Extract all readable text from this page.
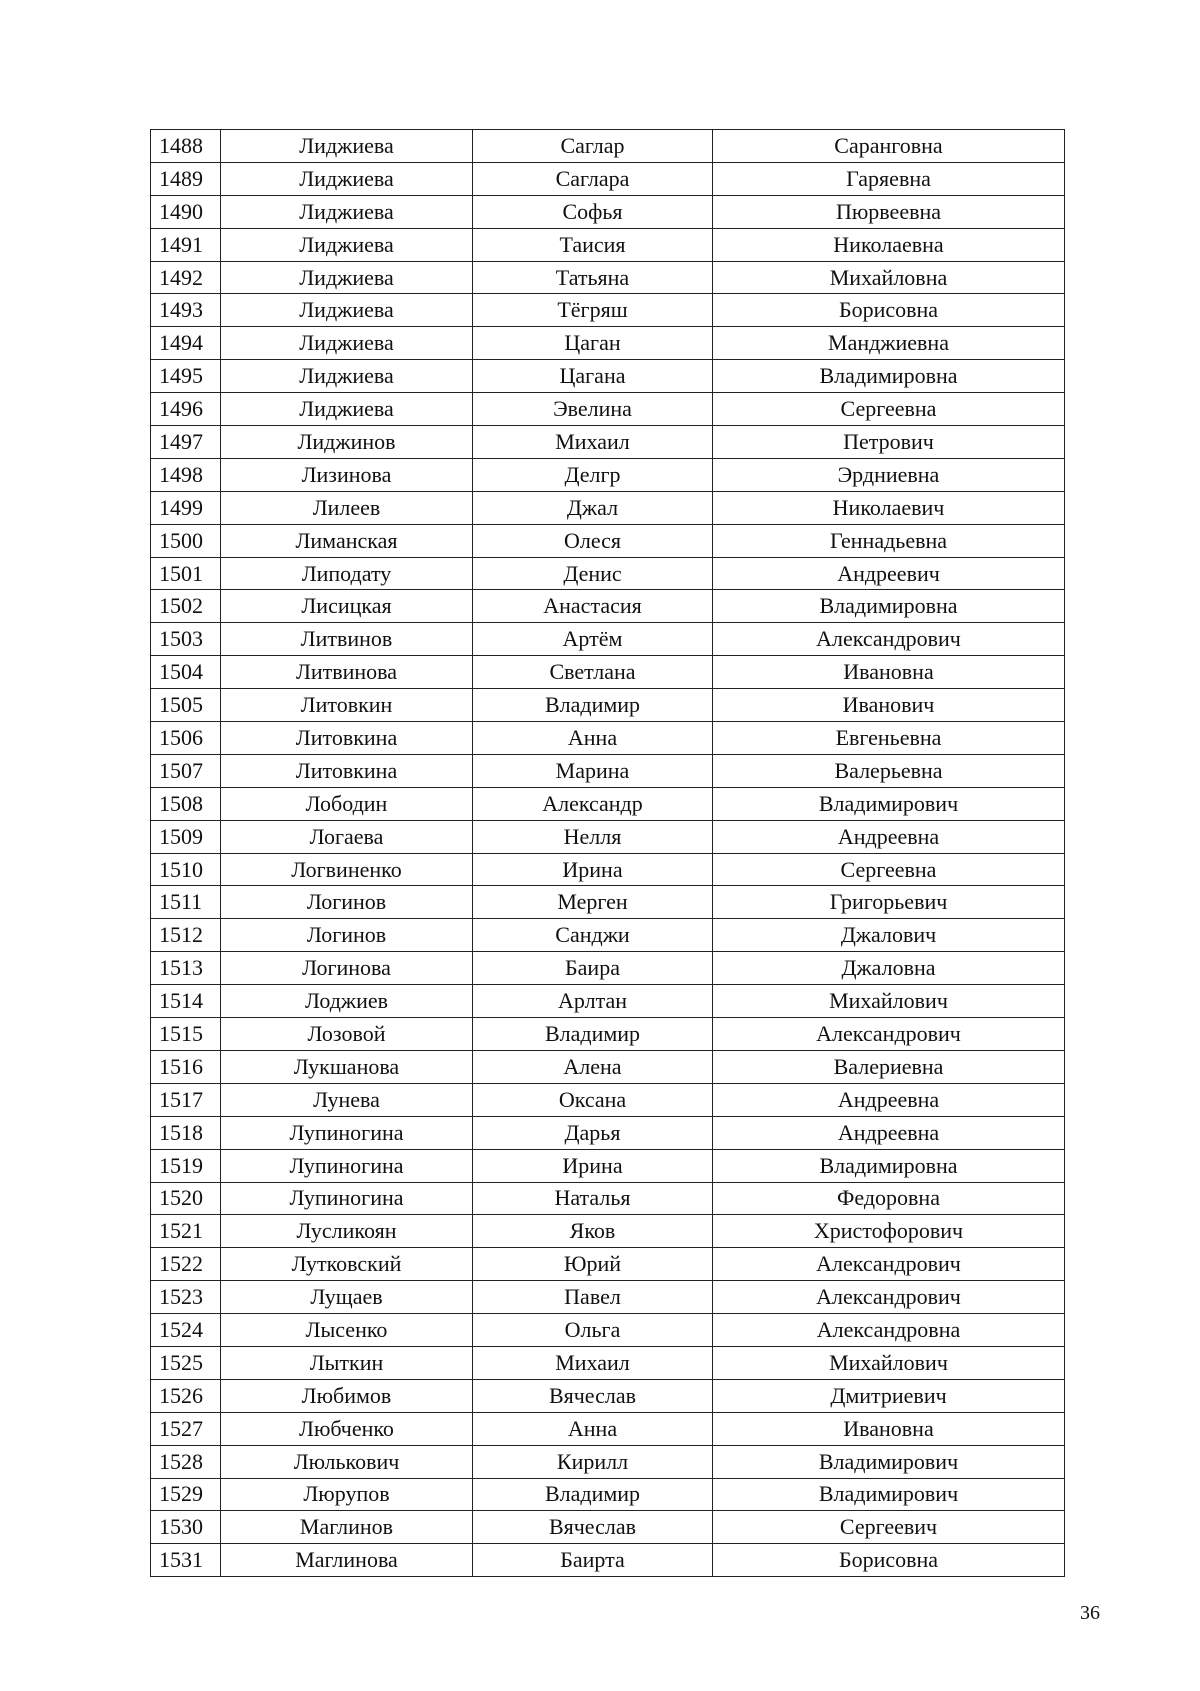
1488	Лиджиева	Саглар	Саранговна
1489	Лиджиева	Саглара	Гаряевна
1490	Лиджиева	Софья	Пюрвеевна
1491	Лиджиева	Таисия	Николаевна
1492	Лиджиева	Татьяна	Михайловна
1493	Лиджиева	Тёгряш	Борисовна
1494	Лиджиева	Цаган	Манджиевна
1495	Лиджиева	Цагана	Владимировна
1496	Лиджиева	Эвелина	Сергеевна
1497	Лиджинов	Михаил	Петрович
1498	Лизинова	Делгр	Эрдниевна
1499	Лилеев	Джал	Николаевич
1500	Лиманская	Олеся	Геннадьевна
1501	Липодату	Денис	Андреевич
1502	Лисицкая	Анастасия	Владимировна
1503	Литвинов	Артём	Александрович
1504	Литвинова	Светлана	Ивановна
1505	Литовкин	Владимир	Иванович
1506	Литовкина	Анна	Евгеньевна
1507	Литовкина	Марина	Валерьевна
1508	Лободин	Александр	Владимирович
1509	Логаева	Нелля	Андреевна
1510	Логвиненко	Ирина	Сергеевна
1511	Логинов	Мерген	Григорьевич
1512	Логинов	Санджи	Джалович
1513	Логинова	Баира	Джаловна
1514	Лоджиев	Арлтан	Михайлович
1515	Лозовой	Владимир	Александрович
1516	Лукшанова	Алена	Валериевна
1517	Лунева	Оксана	Андреевна
1518	Лупиногина	Дарья	Андреевна
1519	Лупиногина	Ирина	Владимировна
1520	Лупиногина	Наталья	Федоровна
1521	Лусликоян	Яков	Христофорович
1522	Лутковский	Юрий	Александрович
1523	Лущаев	Павел	Александрович
1524	Лысенко	Ольга	Александровна
1525	Лыткин	Михаил	Михайлович
1526	Любимов	Вячеслав	Дмитриевич
1527	Любченко	Анна	Ивановна
1528	Люлькович	Кирилл	Владимирович
1529	Люрупов	Владимир	Владимирович
1530	Маглинов	Вячеслав	Сергеевич
1531	Маглинова	Баирта	Борисовна
36
